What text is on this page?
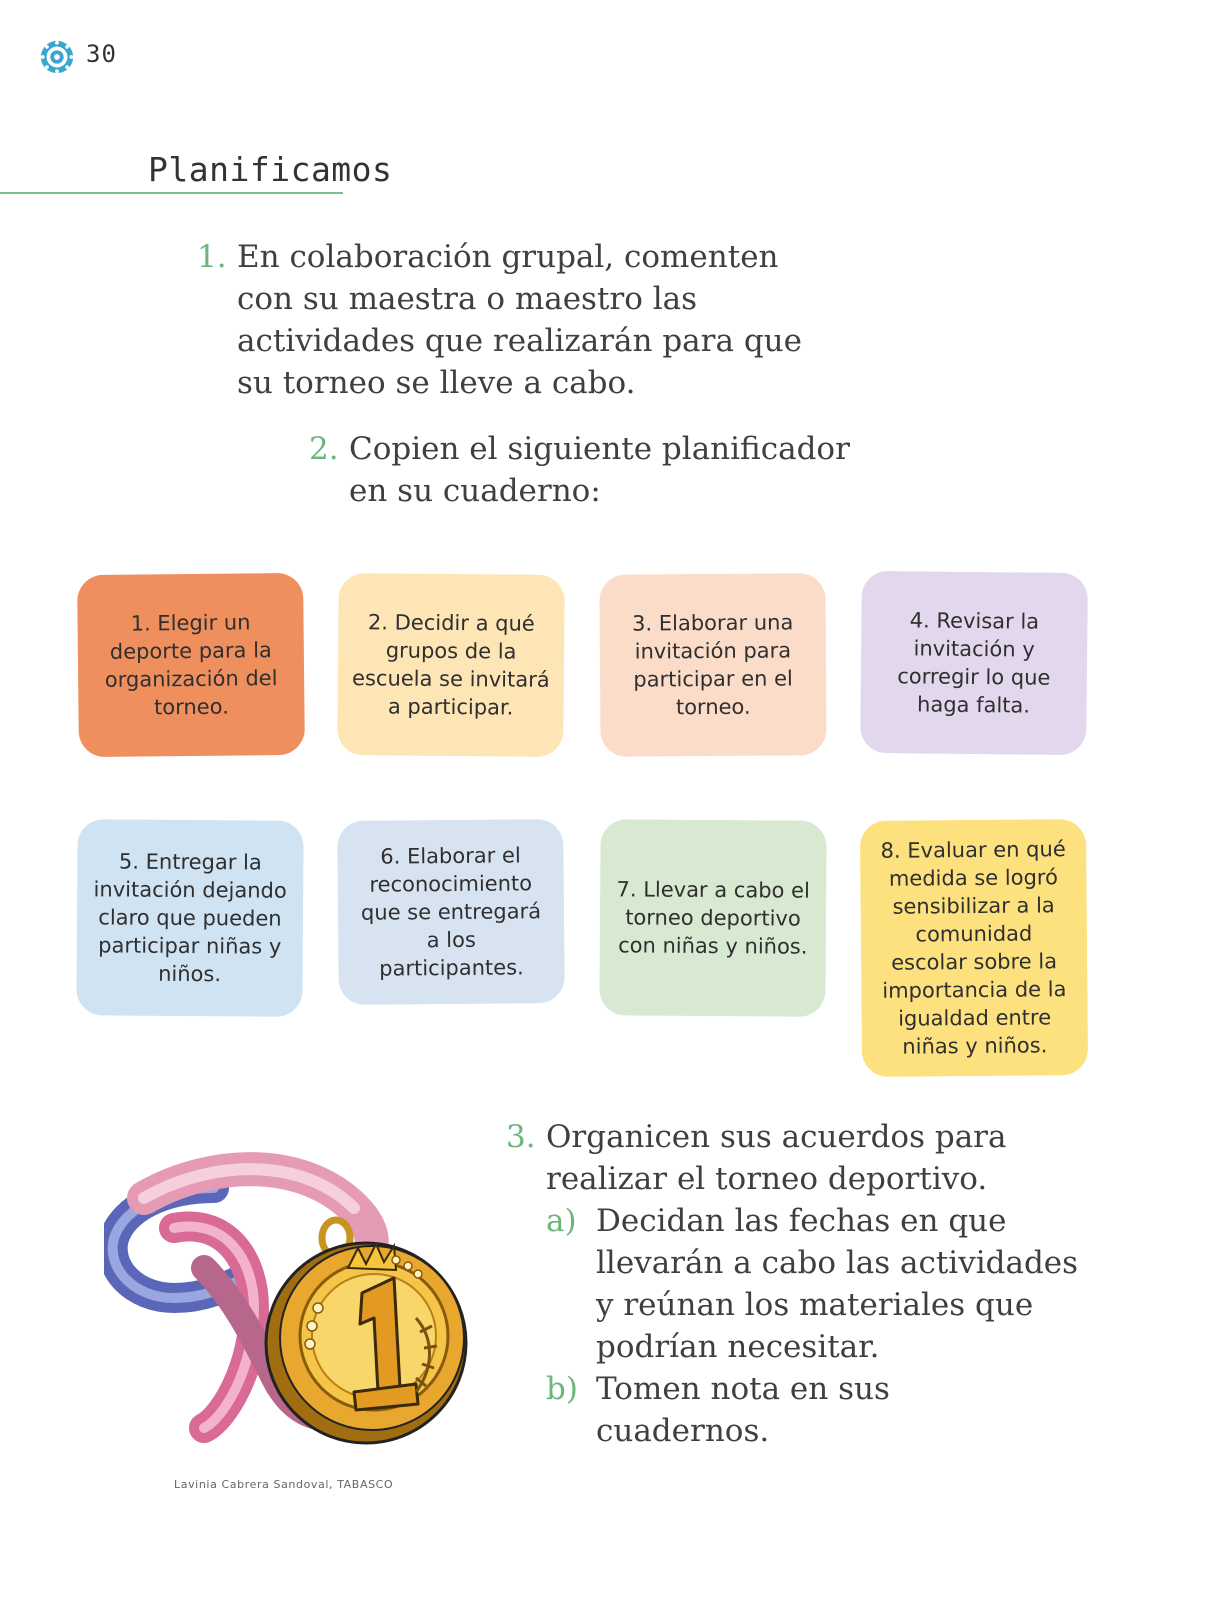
30
Planificamos
1. En colaboración grupal, comenten
con su maestra o maestro las
actividades que realizarán para que
su torneo se lleve a cabo.
2. Copien el siguiente planificador
en su cuaderno:
1. Elegir un deporte para la organización del torneo.
2. Decidir a qué grupos de la escuela se invitará a participar.
3. Elaborar una invitación para participar en el torneo.
4. Revisar la invitación y corregir lo que haga falta.
5. Entregar la invitación dejando claro que pueden participar niñas y niños.
6. Elaborar el reconocimiento que se entregará a los participantes.
7. Llevar a cabo el torneo deportivo con niñas y niños.
8. Evaluar en qué medida se logró sensibilizar a la comunidad escolar sobre la importancia de la igualdad entre niñas y niños.
Lavinia Cabrera Sandoval, TABASCO
3. Organicen sus acuerdos para
realizar el torneo deportivo.
a) Decidan las fechas en que
llevarán a cabo las actividades
y reúnan los materiales que
podrían necesitar.
b) Tomen nota en sus
cuadernos.
